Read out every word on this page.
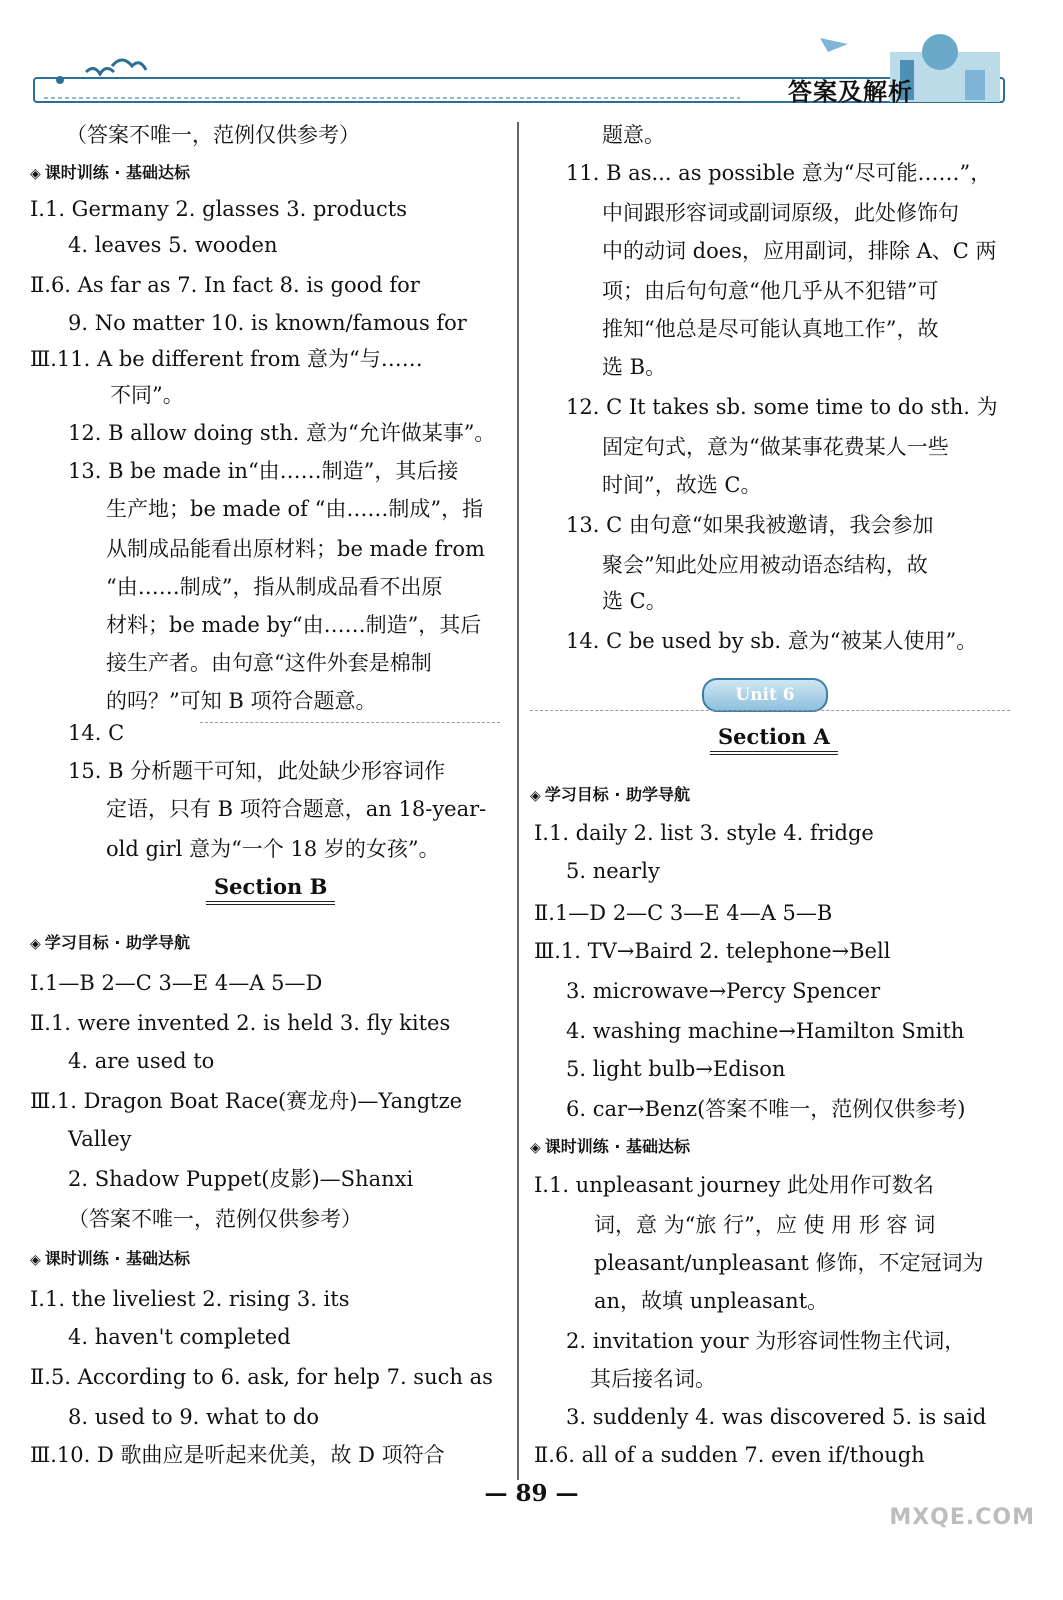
答案及解析
（答案不唯一，范例仅供参考）
◈ 课时训练 · 基础达标
Ⅰ.1. Germany 2. glasses 3. products
4. leaves 5. wooden
Ⅱ.6. As far as 7. In fact 8. is good for
9. No matter 10. is known/famous for
Ⅲ.11. A be different from 意为“与……
不同”。
12. B allow doing sth. 意为“允许做某事”。
13. B be made in“由……制造”，其后接
生产地；be made of “由……制成”，指
从制成品能看出原材料；be made from
“由……制成”，指从制成品看不出原
材料；be made by“由……制造”，其后
接生产者。由句意“这件外套是棉制
的吗？”可知 B 项符合题意。
14. C
15. B 分析题干可知，此处缺少形容词作
定语，只有 B 项符合题意，an 18-year-
old girl 意为“一个 18 岁的女孩”。
Section B
◈ 学习目标 · 助学导航
Ⅰ.1—B 2—C 3—E 4—A 5—D
Ⅱ.1. were invented 2. is held 3. fly kites
4. are used to
Ⅲ.1. Dragon Boat Race(赛龙舟)—Yangtze
Valley
2. Shadow Puppet(皮影)—Shanxi
（答案不唯一，范例仅供参考）
◈ 课时训练 · 基础达标
Ⅰ.1. the liveliest 2. rising 3. its
4. haven't completed
Ⅱ.5. According to 6. ask, for help 7. such as
8. used to 9. what to do
Ⅲ.10. D 歌曲应是听起来优美，故 D 项符合
题意。
11. B as... as possible 意为“尽可能……”，
中间跟形容词或副词原级，此处修饰句
中的动词 does，应用副词，排除 A、C 两
项；由后句句意“他几乎从不犯错”可
推知“他总是尽可能认真地工作”，故
选 B。
12. C It takes sb. some time to do sth. 为
固定句式，意为“做某事花费某人一些
时间”，故选 C。
13. C 由句意“如果我被邀请，我会参加
聚会”知此处应用被动语态结构，故
选 C。
14. C be used by sb. 意为“被某人使用”。
Unit 6
Section A
◈ 学习目标 · 助学导航
Ⅰ.1. daily 2. list 3. style 4. fridge
5. nearly
Ⅱ.1—D 2—C 3—E 4—A 5—B
Ⅲ.1. TV→Baird 2. telephone→Bell
3. microwave→Percy Spencer
4. washing machine→Hamilton Smith
5. light bulb→Edison
6. car→Benz(答案不唯一，范例仅供参考)
◈ 课时训练 · 基础达标
Ⅰ.1. unpleasant journey 此处用作可数名
词，意 为“旅 行”，应 使 用 形 容 词
pleasant/unpleasant 修饰，不定冠词为
an，故填 unpleasant。
2. invitation your 为形容词性物主代词，
其后接名词。
3. suddenly 4. was discovered 5. is said
Ⅱ.6. all of a sudden 7. even if/though
— 89 —
MXQE.COM
